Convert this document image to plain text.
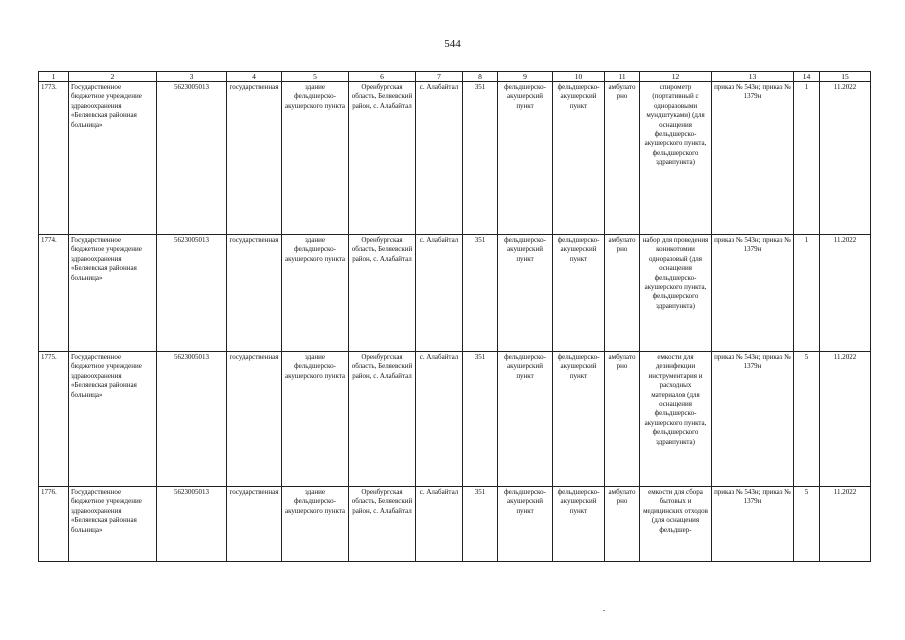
544
1	2	3	4	5	6	7	8	9	10	11	12	13	14	15
1773.	Государственное бюджетное учреждение здравоохранения «Беляевская районная больница»	5623005013	государственная	здание фельдшерско-акушерского пункта	Оренбургская область, Беляевский район, с. Алабайтал	с. Алабайтал	351	фельдшерско-акушерский пункт	фельдшерско-акушерский пункт	амбулаторно	спирометр (портативный с одноразовыми мундштуками) (для оснащения фельдшерско-акушерского пункта, фельдшерского здравпункта)	приказ № 543н; приказ № 1379н	1	11.2022
1774.	Государственное бюджетное учреждение здравоохранения «Беляевская районная больница»	5623005013	государственная	здание фельдшерско-акушерского пункта	Оренбургская область, Беляевский район, с. Алабайтал	с. Алабайтал	351	фельдшерско-акушерский пункт	фельдшерско-акушерский пункт	амбулаторно	набор для проведения коникотомии одноразовый (для оснащения фельдшерско-акушерского пункта, фельдшерского здравпункта)	приказ № 543н; приказ № 1379н	1	11.2022
1775.	Государственное бюджетное учреждение здравоохранения «Беляевская районная больница»	5623005013	государственная	здание фельдшерско-акушерского пункта	Оренбургская область, Беляевский район, с. Алабайтал	с. Алабайтал	351	фельдшерско-акушерский пункт	фельдшерско-акушерский пункт	амбулаторно	емкости для дезинфекции инструментария и расходных материалов (для оснащения фельдшерско-акушерского пункта, фельдшерского здравпункта)	приказ № 543н; приказ № 1379н	5	11.2022
1776.	Государственное бюджетное учреждение здравоохранения «Беляевская районная больница»	5623005013	государственная	здание фельдшерско-акушерского пункта	Оренбургская область, Беляевский район, с. Алабайтал	с. Алабайтал	351	фельдшерско-акушерский пункт	фельдшерско-акушерский пункт	амбулаторно	емкости для сбора бытовых и медицинских отходов (для оснащения фельдшер-	приказ № 543н; приказ № 1379н	5	11.2022
-
